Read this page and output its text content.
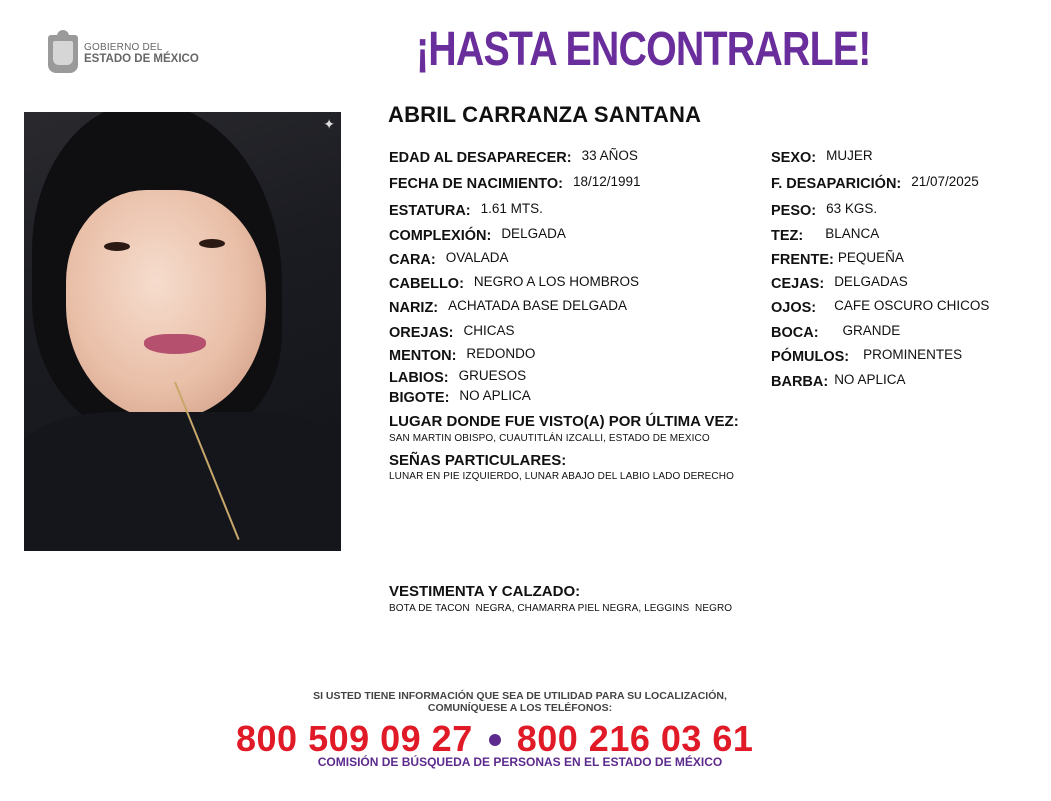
GOBIERNO DEL
ESTADO DE MÉXICO	¡HASTA ENCONTRARLE!
✦ ABRIL CARRANZA SANTANA
EDAD AL DESAPARECER: 33 AÑOS
FECHA DE NACIMIENTO: 18/12/1991
ESTATURA: 1.61 MTS.
COMPLEXIÓN: DELGADA
CARA: OVALADA
CABELLO: NEGRO A LOS HOMBROS
NARIZ: ACHATADA BASE DELGADA
OREJAS: CHICAS
MENTON: REDONDO
LABIOS: GRUESOS
BIGOTE: NO APLICA
SEXO: MUJER
F. DESAPARICIÓN: 21/07/2025
PESO: 63 KGS.
TEZ: BLANCA
FRENTE: PEQUEÑA
CEJAS: DELGADAS
OJOS: CAFE OSCURO CHICOS
BOCA: GRANDE
PÓMULOS: PROMINENTES
BARBA: NO APLICA
LUGAR DONDE FUE VISTO(A) POR ÚLTIMA VEZ:
SAN MARTIN OBISPO, CUAUTITLÁN IZCALLI, ESTADO DE MEXICO
SEÑAS PARTICULARES:
LUNAR EN PIE IZQUIERDO, LUNAR ABAJO DEL LABIO LADO DERECHO
VESTIMENTA Y CALZADO:
BOTA DE TACON  NEGRA, CHAMARRA PIEL NEGRA, LEGGINS  NEGRO
SI USTED TIENE INFORMACIÓN QUE SEA DE UTILIDAD PARA SU LOCALIZACIÓN,
COMUNÍQUESE A LOS TELÉFONOS:
800 509 09 27 800 216 03 61
COMISIÓN DE BÚSQUEDA DE PERSONAS EN EL ESTADO DE MÉXICO
